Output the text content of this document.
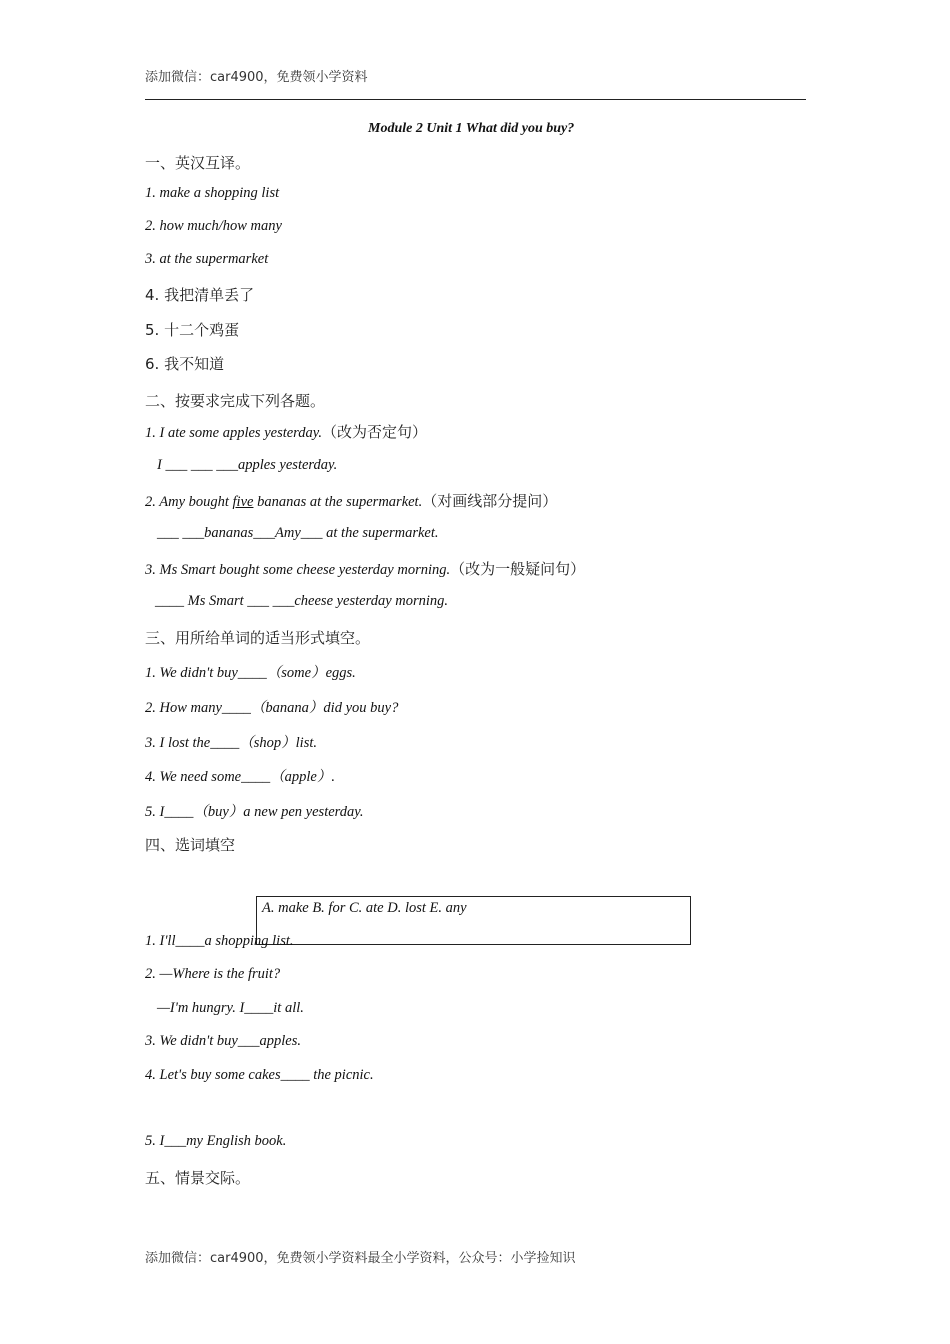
添加微信：car4900，免费领小学资料
Module 2 Unit 1 What did you buy?
一、英汉互译。
1. make a shopping list
2. how much/how many
3. at the supermarket
4. 我把清单丢了
5. 十二个鸡蛋
6. 我不知道
二、按要求完成下列各题。
1. I ate some apples yesterday.（改为否定句）
I ___ ___ ___apples yesterday.
2. Amy bought five bananas at the supermarket.（对画线部分提问）
___ ___bananas___Amy___ at the supermarket.
3. Ms Smart bought some cheese yesterday morning.（改为一般疑问句）
____ Ms Smart ___ ___cheese yesterday morning.
三、用所给单词的适当形式填空。
1. We didn't buy____（some）eggs.
2. How many____（banana）did you buy?
3. I lost the____（shop）list.
4. We need some____（apple）.
5. I____（buy）a new pen yesterday.
四、选词填空
A. make B. for C. ate D. lost E. any
1. I'll____a shopping list.
2. —Where is the fruit?
—I'm hungry. I____it all.
3. We didn't buy___apples.
4. Let's buy some cakes____ the picnic.
5. I___my English book.
五、情景交际。
添加微信：car4900，免费领小学资料最全小学资料，公众号：小学捡知识
